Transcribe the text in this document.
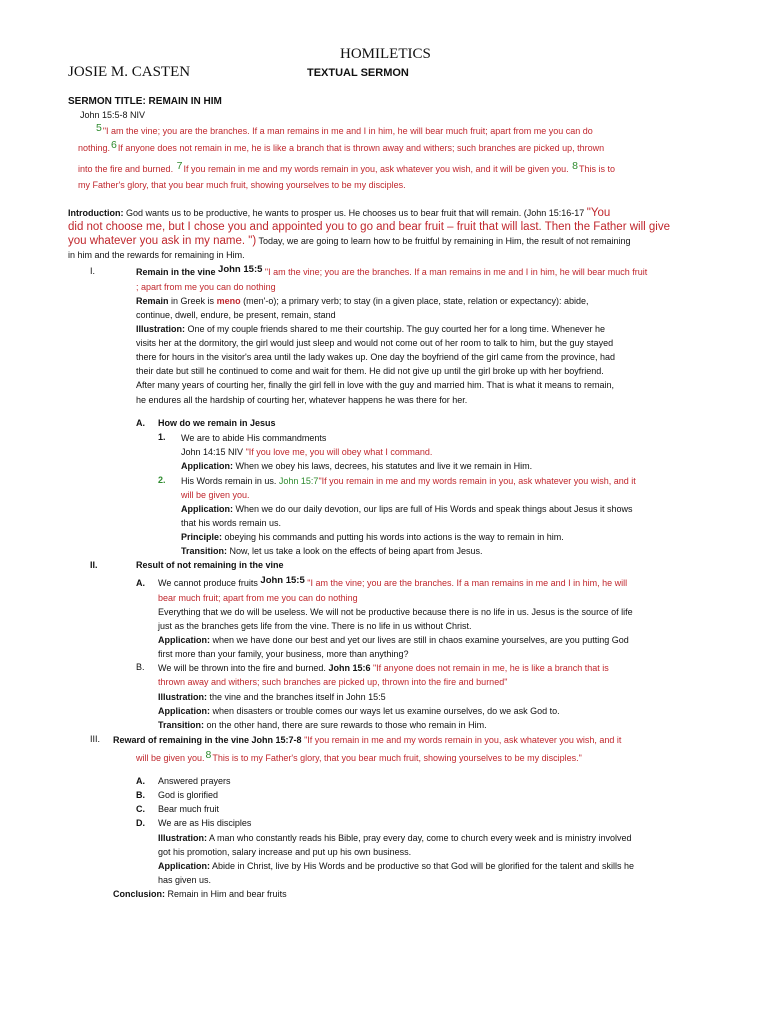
HOMILETICS
JOSIE M. CASTEN	TEXTUAL SERMON
SERMON TITLE: REMAIN IN HIM
John 15:5-8 NIV
5"I am the vine; you are the branches. If a man remains in me and I in him, he will bear much fruit; apart from me you can do
nothing.6If anyone does not remain in me, he is like a branch that is thrown away and withers; such branches are picked up, thrown
into the fire and burned. 7If you remain in me and my words remain in you, ask whatever you wish, and it will be given you. 8This is to
my Father's glory, that you bear much fruit, showing yourselves to be my disciples.
Introduction: God wants us to be productive, he wants to prosper us. He chooses us to bear fruit that will remain. (John 15:16-17 "You
did not choose me, but I chose you and appointed you to go and bear fruit – fruit that will last. Then the Father will give
you whatever you ask in my name. ") Today, we are going to learn how to be fruitful by remaining in Him, the result of not remaining
in him and the rewards for remaining in Him.
I.	Remain in the vine John 15:5 "I am the vine; you are the branches. If a man remains in me and I in him, he will bear much fruit
; apart from me you can do nothing
Remain in Greek is meno (men'-o); a primary verb; to stay (in a given place, state, relation or expectancy): abide,
continue, dwell, endure, be present, remain, stand
Illustration: One of my couple friends shared to me their courtship. The guy courted her for a long time. Whenever he
visits her at the dormitory, the girl would just sleep and would not come out of her room to talk to him, but the guy stayed
there for hours in the visitor's area until the lady wakes up. One day the boyfriend of the girl came from the province, had
their date but still he continued to come and wait for them. He did not give up until the girl broke up with her boyfriend.
After many years of courting her, finally the girl fell in love with the guy and married him. That is what it means to remain,
he endures all the hardship of courting her, whatever happens he was there for her.
A. How do we remain in Jesus
1. We are to abide His commandments
John 14:15 NIV "If you love me, you will obey what I command.
Application: When we obey his laws, decrees, his statutes and live it we remain in Him.
2. His Words remain in us. John 15:7"If you remain in me and my words remain in you, ask whatever you wish, and it
will be given you.
Application: When we do our daily devotion, our lips are full of His Words and speak things about Jesus it shows
that his words remain us.
Principle: obeying his commands and putting his words into actions is the way to remain in him.
Transition: Now, let us take a look on the effects of being apart from Jesus.
II.	Result of not remaining in the vine
A. We cannot produce fruits John 15:5 "I am the vine; you are the branches. If a man remains in me and I in him, he will
bear much fruit; apart from me you can do nothing
Everything that we do will be useless. We will not be productive because there is no life in us. Jesus is the source of life
just as the branches gets life from the vine. There is no life in us without Christ.
Application: when we have done our best and yet our lives are still in chaos examine yourselves, are you putting God
first more than your family, your business, more than anything?
B. We will be thrown into the fire and burned. John 15:6 "If anyone does not remain in me, he is like a branch that is
thrown away and withers; such branches are picked up, thrown into the fire and burned"
Illustration: the vine and the branches itself in John 15:5
Application: when disasters or trouble comes our ways let us examine ourselves, do we ask God to.
Transition: on the other hand, there are sure rewards to those who remain in Him.
III. Reward of remaining in the vine John 15:7-8 "If you remain in me and my words remain in you, ask whatever you wish, and it
will be given you.8This is to my Father's glory, that you bear much fruit, showing yourselves to be my disciples."
A. Answered prayers
B. God is glorified
C. Bear much fruit
D. We are as His disciples
Illustration: A man who constantly reads his Bible, pray every day, come to church every week and is ministry involved
got his promotion, salary increase and put up his own business.
Application: Abide in Christ, live by His Words and be productive so that God will be glorified for the talent and skills he
has given us.
Conclusion: Remain in Him and bear fruits
